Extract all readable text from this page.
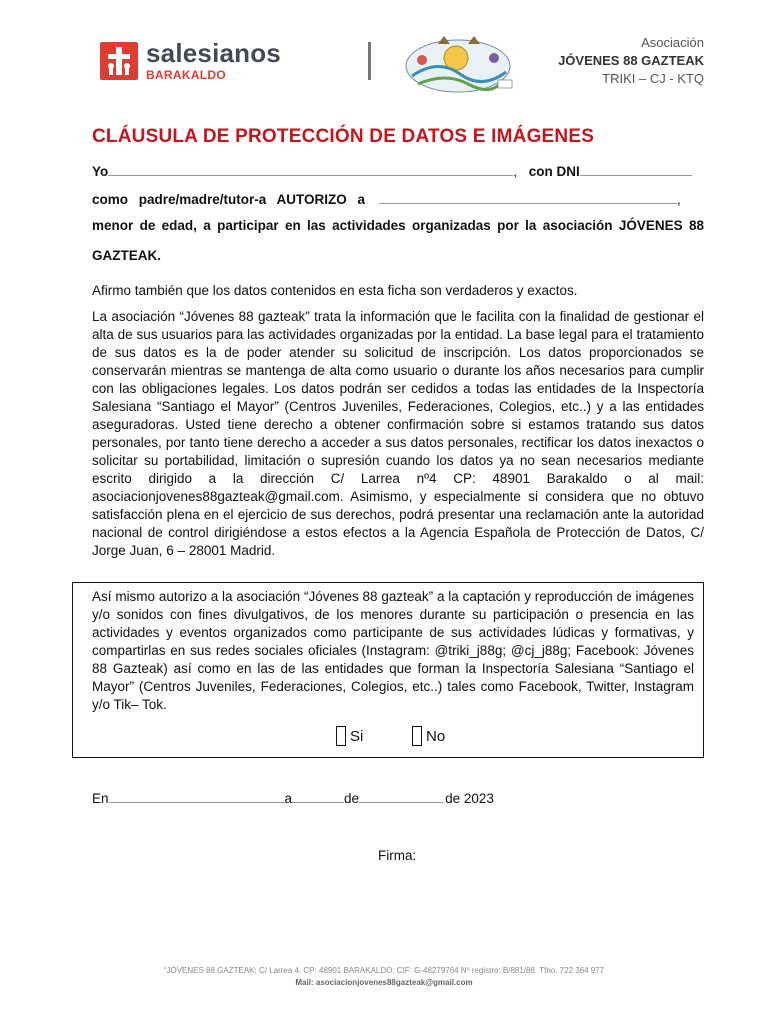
salesianos
BARAKALDO
Asociación
JÓVENES 88 GAZTEAK
TRIKI – CJ - KTQ
CLÁUSULA DE PROTECCIÓN DE DATOS E IMÁGENES
Yo	, con DNI
como padre/madre/tutor-a AUTORIZO a	,
menor de edad, a participar en las actividades organizadas por la asociación JÓVENES 88 GAZTEAK.
Afirmo también que los datos contenidos en esta ficha son verdaderos y exactos.
La asociación “Jóvenes 88 gazteak” trata la información que le facilita con la finalidad de gestionar el alta de sus usuarios para las actividades organizadas por la entidad. La base legal para el tratamiento de sus datos es la de poder atender su solicitud de inscripción. Los datos proporcionados se conservarán mientras se mantenga de alta como usuario o durante los años necesarios para cumplir con las obligaciones legales. Los datos podrán ser cedidos a todas las entidades de la Inspectoría Salesiana “Santiago el Mayor” (Centros Juveniles, Federaciones, Colegios, etc..) y a las entidades aseguradoras. Usted tiene derecho a obtener confirmación sobre si estamos tratando sus datos personales, por tanto tiene derecho a acceder a sus datos personales, rectificar los datos inexactos o solicitar su portabilidad, limitación o supresión cuando los datos ya no sean necesarios mediante escrito dirigido a la dirección C/ Larrea nº4 CP: 48901 Barakaldo o al mail: asociacionjovenes88gazteak@gmail.com. Asimismo, y especialmente si considera que no obtuvo satisfacción plena en el ejercicio de sus derechos, podrá presentar una reclamación ante la autoridad nacional de control dirigiéndose a estos efectos a la Agencia Española de Protección de Datos, C/ Jorge Juan, 6 – 28001 Madrid.
Así mismo autorizo a la asociación “Jóvenes 88 gazteak” a la captación y reproducción de imágenes y/o sonidos con fines divulgativos, de los menores durante su participación o presencia en las actividades y eventos organizados como participante de sus actividades lúdicas y formativas, y compartirlas en sus redes sociales oficiales (Instagram: @triki_j88g; @cj_j88g; Facebook: Jóvenes 88 Gazteak) así como en las de las entidades que forman la Inspectoría Salesiana “Santiago el Mayor” (Centros Juveniles, Federaciones, Colegios, etc..) tales como Facebook, Twitter, Instagram y/o Tik– Tok.
Si	No
En	a	de	de 2023
Firma:
“JÓVENES 88 GAZTEAK; C/ Larrea 4. CP: 48901 BARAKALDO. CIF: G-48279764 Nº registro: B/881/88. Tfno. 722 364 977
Mail: asociacionjovenes88gazteak@gmail.com
